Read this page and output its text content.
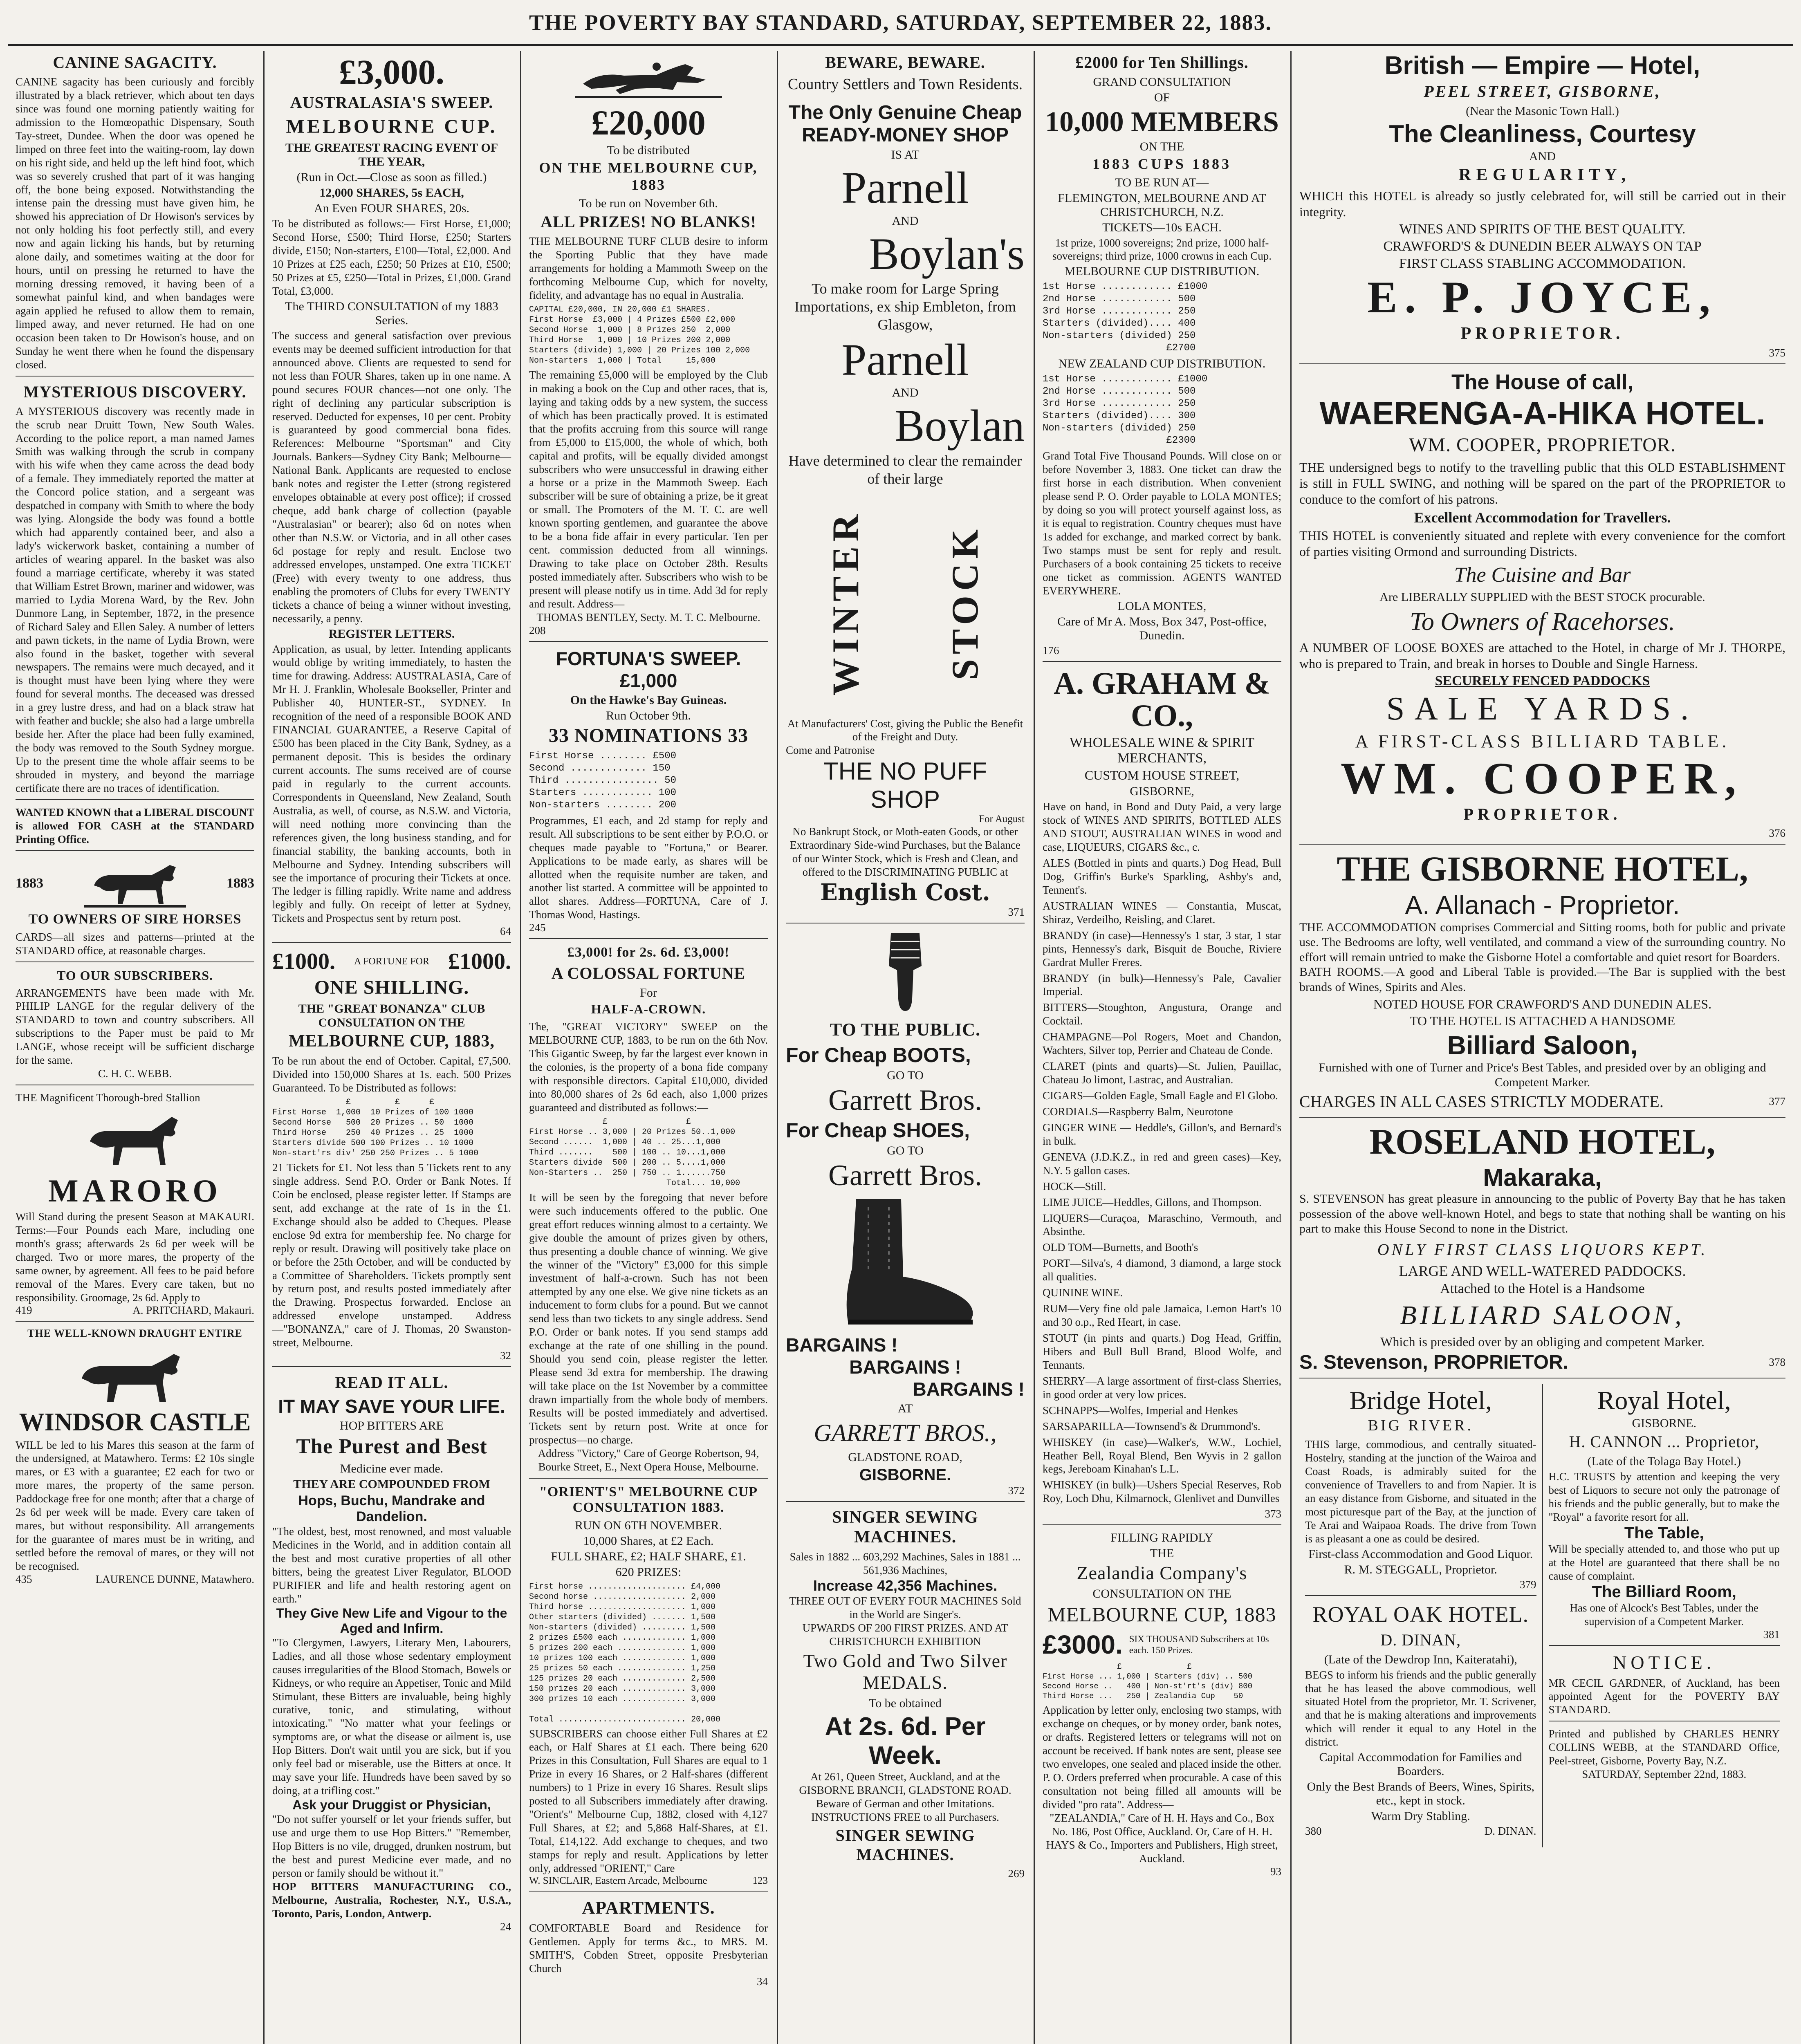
THE POVERTY BAY STANDARD, SATURDAY, SEPTEMBER 22, 1883.
CANINE SAGACITY.

CANINE sagacity has been curiously and forcibly illustrated by a black retriever, which about ten days since was found one morning patiently waiting for admission to the Homœopathic Dispensary, South Tay-street, Dundee. When the door was opened he limped on three feet into the waiting-room, lay down on his right side, and held up the left hind foot, which was so severely crushed that part of it was hanging off, the bone being exposed. Notwithstanding the intense pain the dressing must have given him, he showed his appreciation of Dr Howison's services by not only holding his foot perfectly still, and every now and again licking his hands, but by returning alone daily, and sometimes waiting at the door for hours, until on pressing he returned to have the morning dressing removed, it having been of a somewhat painful kind, and when bandages were again applied he refused to allow them to remain, limped away, and never returned. He had on one occasion been taken to Dr Howison's house, and on Sunday he went there when he found the dispensary closed.

MYSTERIOUS DISCOVERY.

A MYSTERIOUS discovery was recently made in the scrub near Druitt Town, New South Wales. According to the police report, a man named James Smith was walking through the scrub in company with his wife when they came across the dead body of a female. They immediately reported the matter at the Concord police station, and a sergeant was despatched in company with Smith to where the body was lying. Alongside the body was found a bottle which had apparently contained beer, and also a lady's wickerwork basket, containing a number of articles of wearing apparel. In the basket was also found a marriage certificate, whereby it was stated that William Estret Brown, mariner and widower, was married to Lydia Morena Ward, by the Rev. John Dunmore Lang, in September, 1872, in the presence of Richard Saley and Ellen Saley. A number of letters and pawn tickets, in the name of Lydia Brown, were also found in the basket, together with several newspapers. The remains were much decayed, and it is thought must have been lying where they were found for several months. The deceased was dressed in a grey lustre dress, and had on a black straw hat with feather and buckle; she also had a large umbrella beside her. After the place had been fully examined, the body was removed to the South Sydney morgue. Up to the present time the whole affair seems to be shrouded in mystery, and beyond the marriage certificate there are no traces of identification.

WANTED KNOWN that a LIBERAL DISCOUNT is allowed FOR CASH at the STANDARD Printing Office.

1883	1883
TO OWNERS OF SIRE HORSES

CARDS—all sizes and patterns—printed at the STANDARD office, at reasonable charges.

TO OUR SUBSCRIBERS.

ARRANGEMENTS have been made with Mr. PHILIP LANGE for the regular delivery of the STANDARD to town and country subscribers. All subscriptions to the Paper must be paid to Mr LANGE, whose receipt will be sufficient discharge for the same.

C. H. C. WEBB.

THE Magnificent Thorough-bred Stallion

MARORO

Will Stand during the present Season at MAKAURI. Terms:—Four Pounds each Mare, including one month's grass; afterwards 2s 6d per week will be charged. Two or more mares, the property of the same owner, by agreement. All fees to be paid before removal of the Mares. Every care taken, but no responsibility. Groomage, 2s 6d. Apply to

419	A. PRITCHARD, Makauri.
THE WELL-KNOWN DRAUGHT ENTIRE
WINDSOR CASTLE

WILL be led to his Mares this season at the farm of the undersigned, at Matawhero. Terms: £2 10s single mares, or £3 with a guarantee; £2 each for two or more mares, the property of the same person. Paddockage free for one month; after that a charge of 2s 6d per week will be made. Every care taken of mares, but without responsibility. All arrangements for the guarantee of mares must be in writing, and settled before the removal of mares, or they will not be recognised.

435	LAURENCE DUNNE, Matawhero.
£3,000.
AUSTRALASIA'S SWEEP.
MELBOURNE CUP.
THE GREATEST RACING EVENT OF THE YEAR,
(Run in Oct.—Close as soon as filled.)
12,000 SHARES, 5s EACH,
An Even FOUR SHARES, 20s.

To be distributed as follows:— First Horse, £1,000; Second Horse, £500; Third Horse, £250; Starters divide, £150; Non-starters, £100—Total, £2,000. And 10 Prizes at £25 each, £250; 50 Prizes at £10, £500; 50 Prizes at £5, £250—Total in Prizes, £1,000. Grand Total, £3,000.

The THIRD CONSULTATION of my 1883 Series.

The success and general satisfaction over previous events may be deemed sufficient introduction for that announced above. Clients are requested to send for not less than FOUR Shares, taken up in one name. A pound secures FOUR chances—not one only. The right of declining any particular subscription is reserved. Deducted for expenses, 10 per cent. Probity is guaranteed by good commercial bona fides. References: Melbourne "Sportsman" and City Journals. Bankers—Sydney City Bank; Melbourne—National Bank. Applicants are requested to enclose bank notes and register the Letter (strong registered envelopes obtainable at every post office); if crossed cheque, add bank charge of collection (payable "Australasian" or bearer); also 6d on notes when other than N.S.W. or Victoria, and in all other cases 6d postage for reply and result. Enclose two addressed envelopes, unstamped. One extra TICKET (Free) with every twenty to one address, thus enabling the promoters of Clubs for every TWENTY tickets a chance of being a winner without investing, necessarily, a penny.

REGISTER LETTERS.

Application, as usual, by letter. Intending applicants would oblige by writing immediately, to hasten the time for drawing. Address: AUSTRALASIA, Care of Mr H. J. Franklin, Wholesale Bookseller, Printer and Publisher 40, HUNTER-ST., SYDNEY. In recognition of the need of a responsible BOOK AND FINANCIAL GUARANTEE, a Reserve Capital of £500 has been placed in the City Bank, Sydney, as a permanent deposit. This is besides the ordinary current accounts. The sums received are of course paid in regularly to the current accounts. Correspondents in Queensland, New Zealand, South Australia, as well, of course, as N.S.W. and Victoria, will need nothing more convincing than the references given, the long business standing, and for financial stability, the banking accounts, both in Melbourne and Sydney. Intending subscribers will see the importance of procuring their Tickets at once. The ledger is filling rapidly. Write name and address legibly and fully. On receipt of letter at Sydney, Tickets and Prospectus sent by return post.

64
£1000. A FORTUNE FOR £1000.
ONE SHILLING.
THE "GREAT BONANZA" CLUB CONSULTATION ON THE
MELBOURNE CUP, 1883,

To be run about the end of October. Capital, £7,500. Divided into 150,000 Shares at 1s. each. 500 Prizes Guaranteed. To be Distributed as follows:

£         £      £
First Horse  1,000  10 Prizes of 100 1000
Second Horse   500  20 Prizes .. 50  1000
Third Horse    250  40 Prizes .. 25  1000
Starters divide 500 100 Prizes .. 10 1000
Non-start'rs div' 250 250 Prizes .. 5 1000

21 Tickets for £1. Not less than 5 Tickets rent to any single address. Send P.O. Order or Bank Notes. If Coin be enclosed, please register letter. If Stamps are sent, add exchange at the rate of 1s in the £1. Exchange should also be added to Cheques. Please enclose 9d extra for membership fee. No charge for reply or result. Drawing will positively take place on or before the 25th October, and will be conducted by a Committee of Shareholders. Tickets promptly sent by return post, and results posted immediately after the Drawing. Prospectus forwarded. Enclose an addressed envelope unstamped. Address—"BONANZA," care of J. Thomas, 20 Swanston-street, Melbourne.

32
READ IT ALL.
IT MAY SAVE YOUR LIFE.
HOP BITTERS ARE
The Purest and Best
Medicine ever made.
THEY ARE COMPOUNDED FROM
Hops, Buchu, Mandrake and Dandelion.

"The oldest, best, most renowned, and most valuable Medicines in the World, and in addition contain all the best and most curative properties of all other bitters, being the greatest Liver Regulator, BLOOD PURIFIER and life and health restoring agent on earth."

They Give New Life and Vigour to the Aged and Infirm.

"To Clergymen, Lawyers, Literary Men, Labourers, Ladies, and all those whose sedentary employment causes irregularities of the Blood Stomach, Bowels or Kidneys, or who require an Appetiser, Tonic and Mild Stimulant, these Bitters are invaluable, being highly curative, tonic, and stimulating, without intoxicating." "No matter what your feelings or symptoms are, or what the disease or ailment is, use Hop Bitters. Don't wait until you are sick, but if you only feel bad or miserable, use the Bitters at once. It may save your life. Hundreds have been saved by so doing, at a trifling cost."

Ask your Druggist or Physician,

"Do not suffer yourself or let your friends suffer, but use and urge them to use Hop Bitters." "Remember, Hop Bitters is no vile, drugged, drunken nostrum, but the best and purest Medicine ever made, and no person or family should be without it."

HOP BITTERS MANUFACTURING CO., Melbourne, Australia, Rochester, N.Y., U.S.A., Toronto, Paris, London, Antwerp.

24
£20,000
To be distributed
ON THE MELBOURNE CUP, 1883
To be run on November 6th.
ALL PRIZES! NO BLANKS!

THE MELBOURNE TURF CLUB desire to inform the Sporting Public that they have made arrangements for holding a Mammoth Sweep on the forthcoming Melbourne Cup, which for novelty, fidelity, and advantage has no equal in Australia.

CAPITAL £20,000, IN 20,000 £1 SHARES.
First Horse  £3,000 | 4 Prizes £500 £2,000
Second Horse  1,000 | 8 Prizes 250  2,000
Third Horse   1,000 | 10 Prizes 200 2,000
Starters (divide) 1,000 | 20 Prizes 100 2,000
Non-starters  1,000 | Total     15,000

The remaining £5,000 will be employed by the Club in making a book on the Cup and other races, that is, laying and taking odds by a new system, the success of which has been practically proved. It is estimated that the profits accruing from this source will range from £5,000 to £15,000, the whole of which, both capital and profits, will be equally divided amongst subscribers who were unsuccessful in drawing either a horse or a prize in the Mammoth Sweep. Each subscriber will be sure of obtaining a prize, be it great or small. The Promoters of the M. T. C. are well known sporting gentlemen, and guarantee the above to be a bona fide affair in every particular. Ten per cent. commission deducted from all winnings. Drawing to take place on October 28th. Results posted immediately after. Subscribers who wish to be present will please notify us in time. Add 3d for reply and result. Address—

THOMAS BENTLEY, Secty. M. T. C. Melbourne.

208
FORTUNA'S SWEEP. £1,000
On the Hawke's Bay Guineas.
Run October 9th.
33 NOMINATIONS 33
First Horse ........ £500
Second ............. 150
Third ................ 50
Starters ............ 100
Non-starters ........ 200

Programmes, £1 each, and 2d stamp for reply and result. All subscriptions to be sent either by P.O.O. or cheques made payable to "Fortuna," or Bearer. Applications to be made early, as shares will be allotted when the requisite number are taken, and another list started. A committee will be appointed to allot shares. Address—FORTUNA, Care of J. Thomas Wood, Hastings.

245
£3,000! for 2s. 6d. £3,000!
A COLOSSAL FORTUNE
For
HALF-A-CROWN.

The, "GREAT VICTORY" SWEEP on the MELBOURNE CUP, 1883, to be run on the 6th Nov. This Gigantic Sweep, by far the largest ever known in the colonies, is the property of a bona fide company with responsible directors. Capital £10,000, divided into 80,000 shares of 2s 6d each, also 1,000 prizes guaranteed and distributed as follows:—

£                £
First Horse .. 3,000 | 20 Prizes 50..1,000
Second ......  1,000 | 40 .. 25...1,000
Third .......    500 | 100 .. 10...1,000
Starters divide  500 | 200 .. 5....1,000
Non-Starters ..  250 | 750 .. 1......750
Total... 10,000

It will be seen by the foregoing that never before were such inducements offered to the public. One great effort reduces winning almost to a certainty. We give double the amount of prizes given by others, thus presenting a double chance of winning. We give the winner of the "Victory" £3,000 for this simple investment of half-a-crown. Such has not been attempted by any one else. We give nine tickets as an inducement to form clubs for a pound. But we cannot send less than two tickets to any single address. Send P.O. Order or bank notes. If you send stamps add exchange at the rate of one shilling in the pound. Should you send coin, please register the letter. Please send 3d extra for membership. The drawing will take place on the 1st November by a committee drawn impartially from the whole body of members. Results will be posted immediately and advertised. Tickets sent by return post. Write at once for prospectus—no charge.

Address "Victory," Care of George Robertson, 94, Bourke Street, E., Next Opera House, Melbourne.

"ORIENT'S" MELBOURNE CUP CONSULTATION 1883.
RUN ON 6TH NOVEMBER.
10,000 Shares, at £2 Each.
FULL SHARE, £2; HALF SHARE, £1.
620 PRIZES:
First horse .................... £4,000
Second horse ................... 2,000
Third horse .................... 1,000
Other starters (divided) ....... 1,500
Non-starters (divided) ......... 1,500
2 prizes £500 each ............. 1,000
5 prizes 200 each .............. 1,000
10 prizes 100 each ............. 1,000
25 prizes 50 each .............. 1,250
125 prizes 20 each ............. 2,500
150 prizes 20 each ............. 3,000
300 prizes 10 each ............. 3,000

Total .......................... 20,000

SUBSCRIBERS can choose either Full Shares at £2 each, or Half Shares at £1 each. There being 620 Prizes in this Consultation, Full Shares are equal to 1 Prize in every 16 Shares, or 2 Half-shares (different numbers) to 1 Prize in every 16 Shares. Result slips posted to all Subscribers immediately after drawing. "Orient's" Melbourne Cup, 1882, closed with 4,127 Full Shares, at £2; and 5,868 Half-Shares, at £1. Total, £14,122. Add exchange to cheques, and two stamps for reply and result. Applications by letter only, addressed "ORIENT," Care

W. SINCLAIR, Eastern Arcade, Melbourne	123
APARTMENTS.

COMFORTABLE Board and Residence for Gentlemen. Apply for terms &c., to MRS. M. SMITH'S, Cobden Street, opposite Presbyterian Church

34
BEWARE, BEWARE.
Country Settlers and Town Residents.
The Only Genuine Cheap READY-MONEY SHOP
IS AT
Parnell
AND
Boylan's

To make room for Large Spring Importations, ex ship Embleton, from Glasgow,

Parnell
AND
Boylan

Have determined to clear the remainder of their large

WINTER STOCK

At Manufacturers' Cost, giving the Public the Benefit of the Freight and Duty.

Come and Patronise

THE NO PUFF SHOP
For August

No Bankrupt Stock, or Moth-eaten Goods, or other Extraordinary Side-wind Purchases, but the Balance of our Winter Stock, which is Fresh and Clean, and offered to the DISCRIMINATING PUBLIC at

English Cost.
371
TO THE PUBLIC.
For Cheap BOOTS,
GO TO
Garrett Bros.
For Cheap SHOES,
GO TO
Garrett Bros.
BARGAINS !
BARGAINS !
BARGAINS !
AT
GARRETT BROS.,
GLADSTONE ROAD,
GISBORNE.
372
SINGER SEWING MACHINES.

Sales in 1882 ... 603,292 Machines, Sales in 1881 ... 561,936 Machines,

Increase 42,356 Machines.

THREE OUT OF EVERY FOUR MACHINES Sold in the World are Singer's.

UPWARDS OF 200 FIRST PRIZES. AND AT CHRISTCHURCH EXHIBITION

Two Gold and Two Silver MEDALS.
To be obtained
At 2s. 6d. Per Week.

At 261, Queen Street, Auckland, and at the GISBORNE BRANCH, GLADSTONE ROAD.

Beware of German and other Imitations.

INSTRUCTIONS FREE to all Purchasers.

SINGER SEWING MACHINES.
269
£2000 for Ten Shillings.
GRAND CONSULTATION
OF
10,000 MEMBERS
ON THE
1883 CUPS 1883
TO BE RUN AT—
FLEMINGTON, MELBOURNE AND AT CHRISTCHURCH, N.Z.
TICKETS—10s EACH.

1st prize, 1000 sovereigns; 2nd prize, 1000 half-sovereigns; third prize, 1000 crowns in each Cup.

MELBOURNE CUP DISTRIBUTION.
1st Horse ............ £1000
2nd Horse ............ 500
3rd Horse ............ 250
Starters (divided).... 400
Non-starters (divided) 250
£2700
NEW ZEALAND CUP DISTRIBUTION.
1st Horse ............ £1000
2nd Horse ............ 500
3rd Horse ............ 250
Starters (divided).... 300
Non-starters (divided) 250
£2300

Grand Total Five Thousand Pounds. Will close on or before November 3, 1883. One ticket can draw the first horse in each distribution. When convenient please send P. O. Order payable to LOLA MONTES; by doing so you will protect yourself against loss, as it is equal to registration. Country cheques must have 1s added for exchange, and marked correct by bank. Two stamps must be sent for reply and result. Purchasers of a book containing 25 tickets to receive one ticket as commission. AGENTS WANTED EVERYWHERE.

LOLA MONTES,
Care of Mr A. Moss, Box 347, Post-office, Dunedin.
176
A. GRAHAM & CO.,
WHOLESALE WINE & SPIRIT MERCHANTS,
CUSTOM HOUSE STREET,
GISBORNE,

Have on hand, in Bond and Duty Paid, a very large stock of WINES AND SPIRITS, BOTTLED ALES AND STOUT, AUSTRALIAN WINES in wood and case, LIQUEURS, CIGARS &c., c.

ALES (Bottled in pints and quarts.) Dog Head, Bull Dog, Griffin's Burke's Sparkling, Ashby's and, Tennent's.

AUSTRALIAN WINES — Constantia, Muscat, Shiraz, Verdeilho, Reisling, and Claret.

BRANDY (in case)—Hennessy's 1 star, 3 star, 1 star pints, Hennessy's dark, Bisquit de Bouche, Riviere Gardrat Muller Freres.

BRANDY (in bulk)—Hennessy's Pale, Cavalier Imperial.

BITTERS—Stoughton, Angustura, Orange and Cocktail.

CHAMPAGNE—Pol Rogers, Moet and Chandon, Wachters, Silver top, Perrier and Chateau de Conde.

CLARET (pints and quarts)—St. Julien, Pauillac, Chateau Jo limont, Lastrac, and Australian.

CIGARS—Golden Eagle, Small Eagle and El Globo.

CORDIALS—Raspberry Balm, Neurotone

GINGER WINE — Heddle's, Gillon's, and Bernard's in bulk.

GENEVA (J.D.K.Z., in red and green cases)—Key, N.Y. 5 gallon cases.

HOCK—Still.

LIME JUICE—Heddles, Gillons, and Thompson.

LIQUERS—Curaçoa, Maraschino, Vermouth, and Absinthe.

OLD TOM—Burnetts, and Booth's

PORT—Silva's, 4 diamond, 3 diamond, a large stock all qualities.

QUININE WINE.

RUM—Very fine old pale Jamaica, Lemon Hart's 10 and 30 o.p., Red Heart, in case.

STOUT (in pints and quarts.) Dog Head, Griffin, Hibers and Bull Bull Brand, Blood Wolfe, and Tennants.

SHERRY—A large assortment of first-class Sherries, in good order at very low prices.

SCHNAPPS—Wolfes, Imperial and Henkes

SARSAPARILLA—Townsend's & Drummond's.

WHISKEY (in case)—Walker's, W.W., Lochiel, Heather Bell, Royal Blend, Ben Wyvis in 2 gallon kegs, Jereboam Kinahan's L.L.

WHISKEY (in bulk)—Ushers Special Reserves, Rob Roy, Loch Dhu, Kilmarnock, Glenlivet and Dunvilles

373
FILLING RAPIDLY
THE
Zealandia Company's
CONSULTATION ON THE
MELBOURNE CUP, 1883
£3000. SIX THOUSAND Subscribers at 10s each. 150 Prizes.
£              £
First Horse ... 1,000 | Starters (div) .. 500
Second Horse ..   400 | Non-st'rt's (div) 800
Third Horse ...   250 | Zealandia Cup    50

Application by letter only, enclosing two stamps, with exchange on cheques, or by money order, bank notes, or drafts. Registered letters or telegrams will not on account be received. If bank notes are sent, please see two envelopes, one sealed and placed inside the other. P. O. Orders preferred when procurable. A case of this consultation not being filled all amounts will be divided "pro rata". Address—

"ZEALANDIA," Care of H. H. Hays and Co., Box No. 186, Post Office, Auckland. Or, Care of H. H. HAYS & Co., Importers and Publishers, High street, Auckland.

93
British — Empire — Hotel,
PEEL STREET, GISBORNE,
(Near the Masonic Town Hall.)
The Cleanliness, Courtesy
AND
R E G U L A R I T Y ,

WHICH this HOTEL is already so justly celebrated for, will still be carried out in their integrity.

WINES AND SPIRITS OF THE BEST QUALITY.
CRAWFORD'S & DUNEDIN BEER ALWAYS ON TAP
FIRST CLASS STABLING ACCOMMODATION.
E. P. JOYCE,
PROPRIETOR.
375
The House of call,
WAERENGA-A-HIKA HOTEL.
WM. COOPER, PROPRIETOR.

THE undersigned begs to notify to the travelling public that this OLD ESTABLISHMENT is still in FULL SWING, and nothing will be spared on the part of the PROPRIETOR to conduce to the comfort of his patrons.

Excellent Accommodation for Travellers.

THIS HOTEL is conveniently situated and replete with every convenience for the comfort of parties visiting Ormond and surrounding Districts.

The Cuisine and Bar
Are LIBERALLY SUPPLIED with the BEST STOCK procurable.
To Owners of Racehorses.

A NUMBER OF LOOSE BOXES are attached to the Hotel, in charge of Mr J. THORPE, who is prepared to Train, and break in horses to Double and Single Harness.

SECURELY FENCED PADDOCKS
SALE YARDS.
A FIRST-CLASS BILLIARD TABLE.
WM. COOPER,
PROPRIETOR.
376
THE GISBORNE HOTEL,
A. Allanach - Proprietor.

THE ACCOMMODATION comprises Commercial and Sitting rooms, both for public and private use. The Bedrooms are lofty, well ventilated, and command a view of the surrounding country. No effort will remain untried to make the Gisborne Hotel a comfortable and quiet resort for Boarders.

BATH ROOMS.—A good and Liberal Table is provided.—The Bar is supplied with the best brands of Wines, Spirits and Ales.

NOTED HOUSE FOR CRAWFORD'S AND DUNEDIN ALES.
TO THE HOTEL IS ATTACHED A HANDSOME
Billiard Saloon,

Furnished with one of Turner and Price's Best Tables, and presided over by an obliging and Competent Marker.

CHARGES IN ALL CASES STRICTLY MODERATE.	377
ROSELAND HOTEL,
Makaraka,

S. STEVENSON has great pleasure in announcing to the public of Poverty Bay that he has taken possession of the above well-known Hotel, and begs to state that nothing shall be wanting on his part to make this House Second to none in the District.

ONLY FIRST CLASS LIQUORS KEPT.
LARGE AND WELL-WATERED PADDOCKS.
Attached to the Hotel is a Handsome
BILLIARD SALOON,
Which is presided over by an obliging and competent Marker.
S. Stevenson, PROPRIETOR.	378
Bridge Hotel,
BIG RIVER.

THIS large, commodious, and centrally situated-Hostelry, standing at the junction of the Wairoa and Coast Roads, is admirably suited for the convenience of Travellers to and from Napier. It is an easy distance from Gisborne, and situated in the most picturesque part of the Bay, at the junction of Te Arai and Waipaoa Roads. The drive from Town is as pleasant a one as could be desired.

First-class Accommodation and Good Liquor.
R. M. STEGGALL, Proprietor.
379
ROYAL OAK HOTEL.
D. DINAN,
(Late of the Dewdrop Inn, Kaiteratahi),

BEGS to inform his friends and the public generally that he has leased the above commodious, well situated Hotel from the proprietor, Mr. T. Scrivener, and that he is making alterations and improvements which will render it equal to any Hotel in the district.

Capital Accommodation for Families and Boarders.
Only the Best Brands of Beers, Wines, Spirits, etc., kept in stock.
Warm Dry Stabling.
380	D. DINAN.
Royal Hotel,
GISBORNE.
H. CANNON ... Proprietor,
(Late of the Tolaga Bay Hotel.)

H.C. TRUSTS by attention and keeping the very best of Liquors to secure not only the patronage of his friends and the public generally, but to make the "Royal" a favorite resort for all.

The Table,

Will be specially attended to, and those who put up at the Hotel are guaranteed that there shall be no cause of complaint.

The Billiard Room,

Has one of Alcock's Best Tables, under the supervision of a Competent Marker.

381
NOTICE.

MR CECIL GARDNER, of Auckland, has been appointed Agent for the POVERTY BAY STANDARD.

Printed and published by CHARLES HENRY COLLINS WEBB, at the STANDARD Office, Peel-street, Gisborne, Poverty Bay, N.Z.

SATURDAY, September 22nd, 1883.
